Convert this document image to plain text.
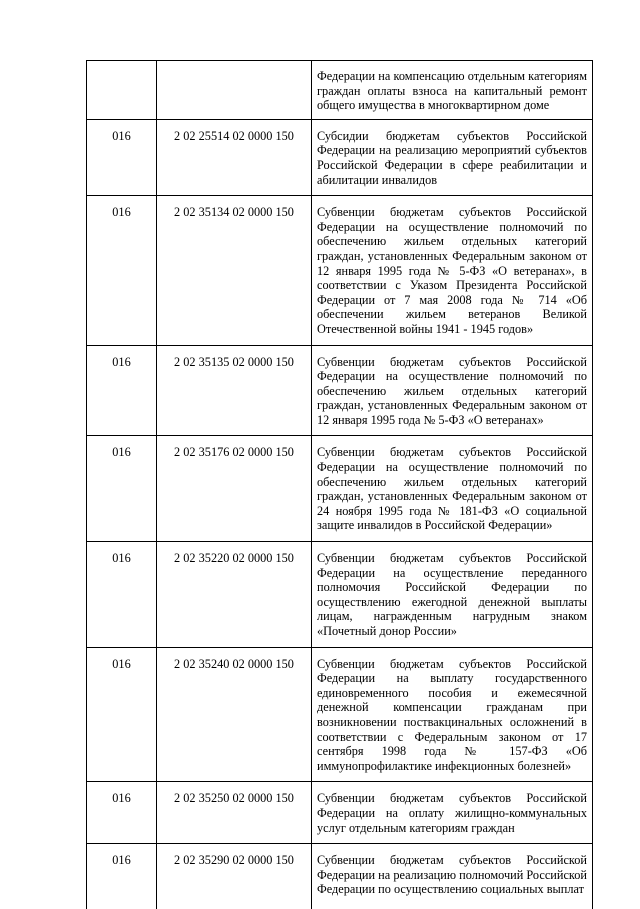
		Федерации на компенсацию отдельным категориям граждан оплаты взноса на капитальный ремонт общего имущества в многоквартирном доме
016	2 02 25514 02 0000 150	Субсидии бюджетам субъектов Российской Федерации на реализацию мероприятий субъектов Российской Федерации в сфере реабилитации и абилитации инвалидов
016	2 02 35134 02 0000 150	Субвенции бюджетам субъектов Российской Федерации на осуществление полномочий по обеспечению жильем отдельных категорий граждан, установленных Федеральным законом от 12 января 1995 года № 5-ФЗ «О ветеранах», в соответствии с Указом Президента Российской Федерации от 7 мая 2008 года № 714 «Об обеспечении жильем ветеранов Великой Отечественной войны 1941 - 1945 годов»
016	2 02 35135 02 0000 150	Субвенции бюджетам субъектов Российской Федерации на осуществление полномочий по обеспечению жильем отдельных категорий граждан, установленных Федеральным законом от 12 января 1995 года № 5-ФЗ «О ветеранах»
016	2 02 35176 02 0000 150	Субвенции бюджетам субъектов Российской Федерации на осуществление полномочий по обеспечению жильем отдельных категорий граждан, установленных Федеральным законом от 24 ноября 1995 года № 181-ФЗ «О социальной защите инвалидов в Российской Федерации»
016	2 02 35220 02 0000 150	Субвенции бюджетам субъектов Российской Федерации на осуществление переданного полномочия Российской Федерации по осуществлению ежегодной денежной выплаты лицам, награжденным нагрудным знаком «Почетный донор России»
016	2 02 35240 02 0000 150	Субвенции бюджетам субъектов Российской Федерации на выплату государственного единовременного пособия и ежемесячной денежной компенсации гражданам при возникновении поствакцинальных осложнений в соответствии с Федеральным законом от 17 сентября 1998 года № 157-ФЗ «Об иммунопрофилактике инфекционных болезней»
016	2 02 35250 02 0000 150	Субвенции бюджетам субъектов Российской Федерации на оплату жилищно-коммунальных услуг отдельным категориям граждан
016	2 02 35290 02 0000 150	Субвенции бюджетам субъектов Российской Федерации на реализацию полномочий Российской Федерации по осуществлению социальных выплат
